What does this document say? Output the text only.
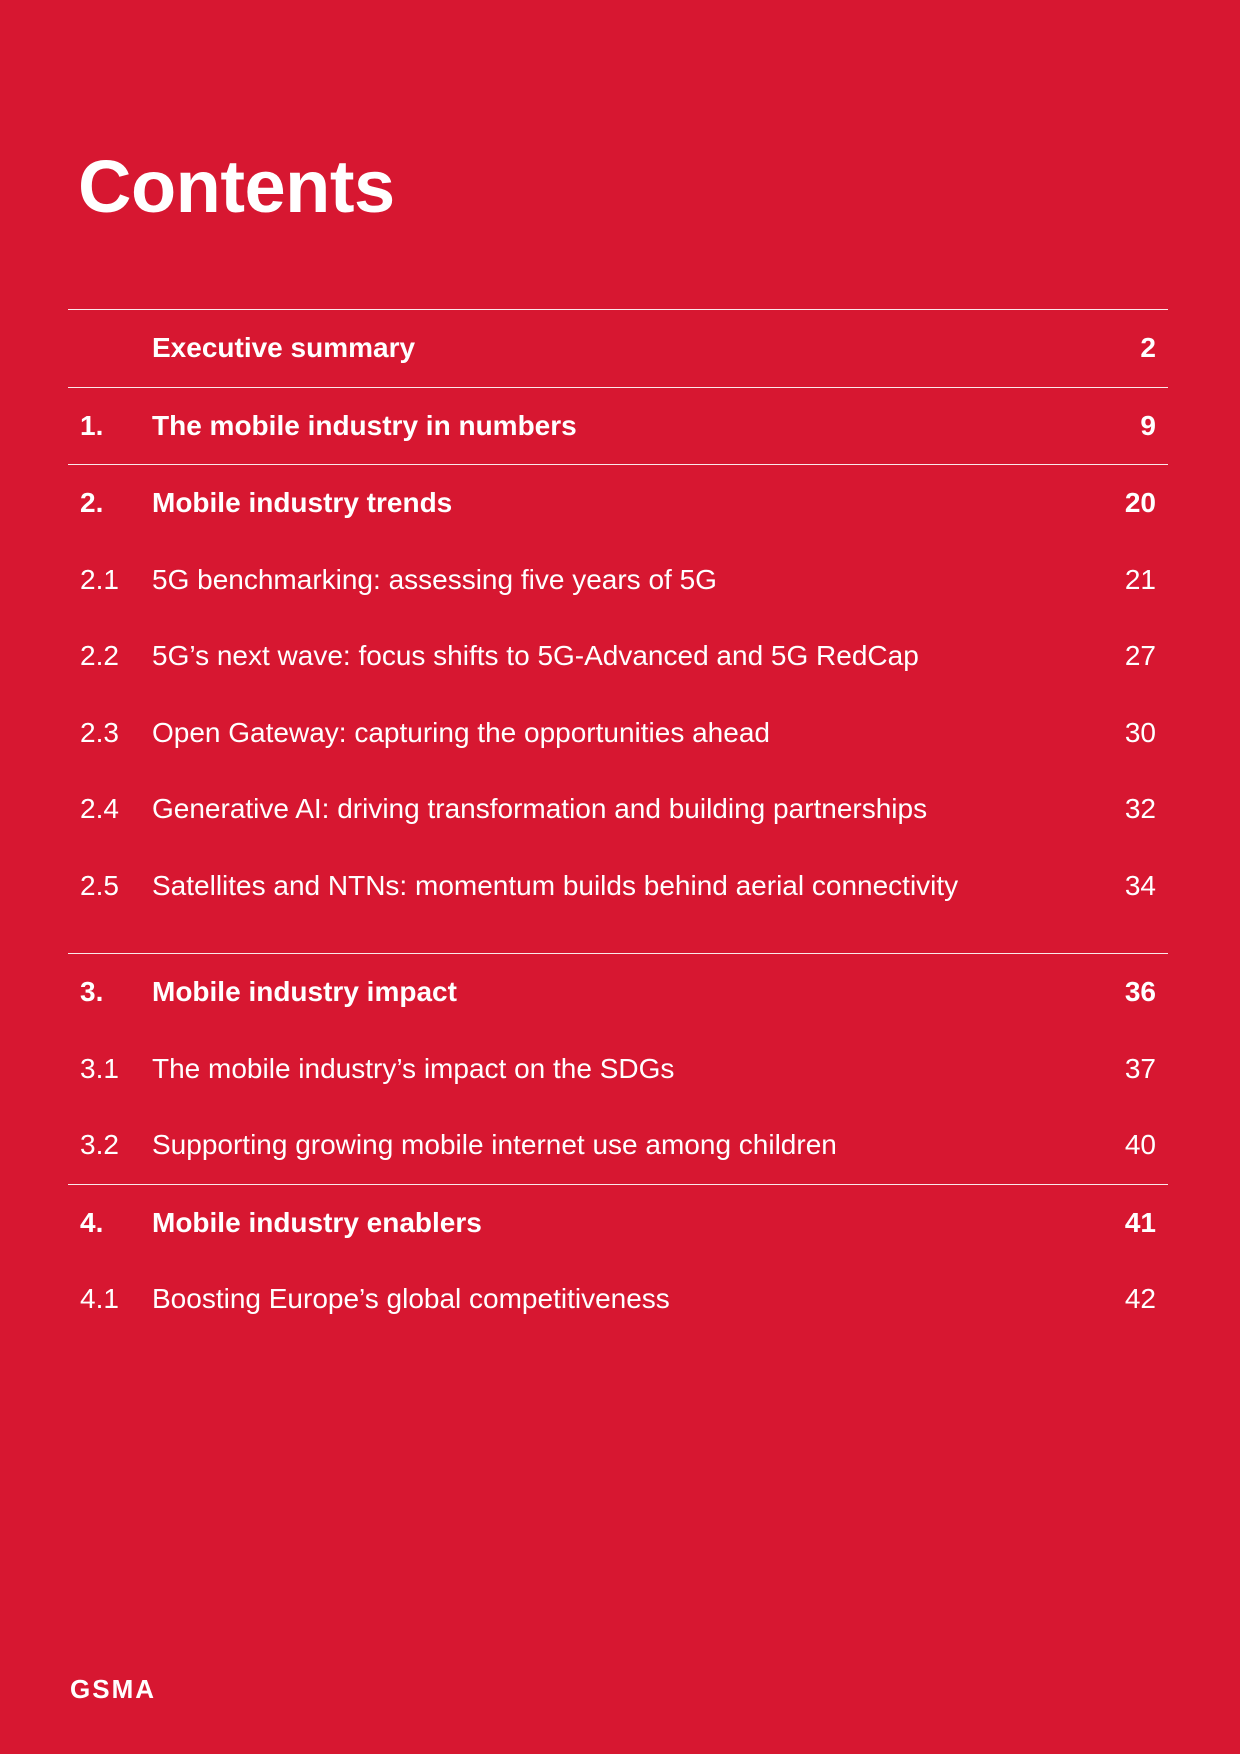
Contents
Executive summary	2
1.	The mobile industry in numbers	9
2.	Mobile industry trends	20
2.1	5G benchmarking: assessing five years of 5G	21
2.2	5G’s next wave: focus shifts to 5G-Advanced and 5G RedCap	27
2.3	Open Gateway: capturing the opportunities ahead	30
2.4	Generative AI: driving transformation and building partnerships	32
2.5	Satellites and NTNs: momentum builds behind aerial connectivity	34
3.	Mobile industry impact	36
3.1	The mobile industry’s impact on the SDGs	37
3.2	Supporting growing mobile internet use among children	40
4.	Mobile industry enablers	41
4.1	Boosting Europe’s global competitiveness	42
GSMA
